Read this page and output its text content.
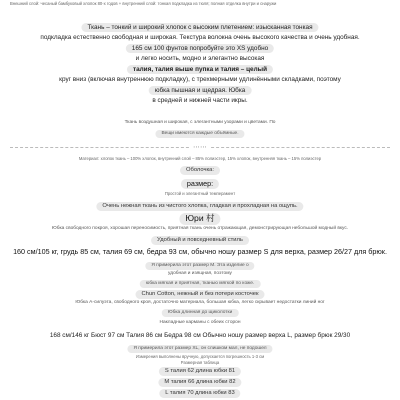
Внешний слой: чесаный бамбуковый хлопок 80-х годов + внутренний слой: тонкая подкладка из тюля; полная отделка внутри и снаружи
Ткань – тонкий и широкий хлопок с высоким плетением: изысканная тонкая
подкладка естественно свободная и широкая. Текстура волокна очень высокого качества и очень удобная.
165 см 100 фунтов попробуйте это XS удобно
и легко носить, модно и элегантно высокая
талия, талия выше пупка и талия – целый
круг вниз (включая внутреннюю подкладку), с трехмерными удлинёнными складками, поэтому
юбка пышная и щедрая. Юбка
в средней и нижней части икры.
Ткань воздушная и широкая, с элегантными узорами и цветами. По
Вещи имеются каждые объёмные.
⋯⋯
Материал: хлопок ткань – 100% хлопок, внутренний слой – 85% полиэстер, 15% хлопок, внутренняя ткань – 15% полиэстер
Оболочка:
размер:
Простой и элегантный темперамент
Очень нежная ткань из чистого хлопка, гладкая и прохладная на ощупь.
Юри 村
Юбка свободного покроя, хорошая переносимость, приятная ткань очень отражающая, демонстрирующая небольшой модный вкус.
Удобный и повседневный стиль
160 см/105 кг, грудь 85 см, талия 69 см, бедра 93 см, обычно ношу размер S для верха, размер 26/27 для брюк.
Я примерила этот размер M. Эта изделие о
удобная и изящная, поэтому
юбка мягкая и приятная, тканью мягкой по коже.
Chun Cotton, нежный и без потери косточек
Юбка А-силуэта, свободного кроя, достаточно материала, большая юбка, легко скрывает недостатки линий ног
Юбка длинная до щиколотки
Накладные карманы с обеих сторон
168 см/146 кг Бюст 97 см Талия 86 см Бедра 98 см Обычно ношу размер верха L, размер брюк 29/30
Я примерила этот размер XL, он слишком мал, не подошел
Измерения выполнены вручную, допускается погрешность 1-3 см
Размерная таблица
S талия 62 длина юбки 81
M талия 66 длина юбки 82
L талия 70 длина юбки 83
